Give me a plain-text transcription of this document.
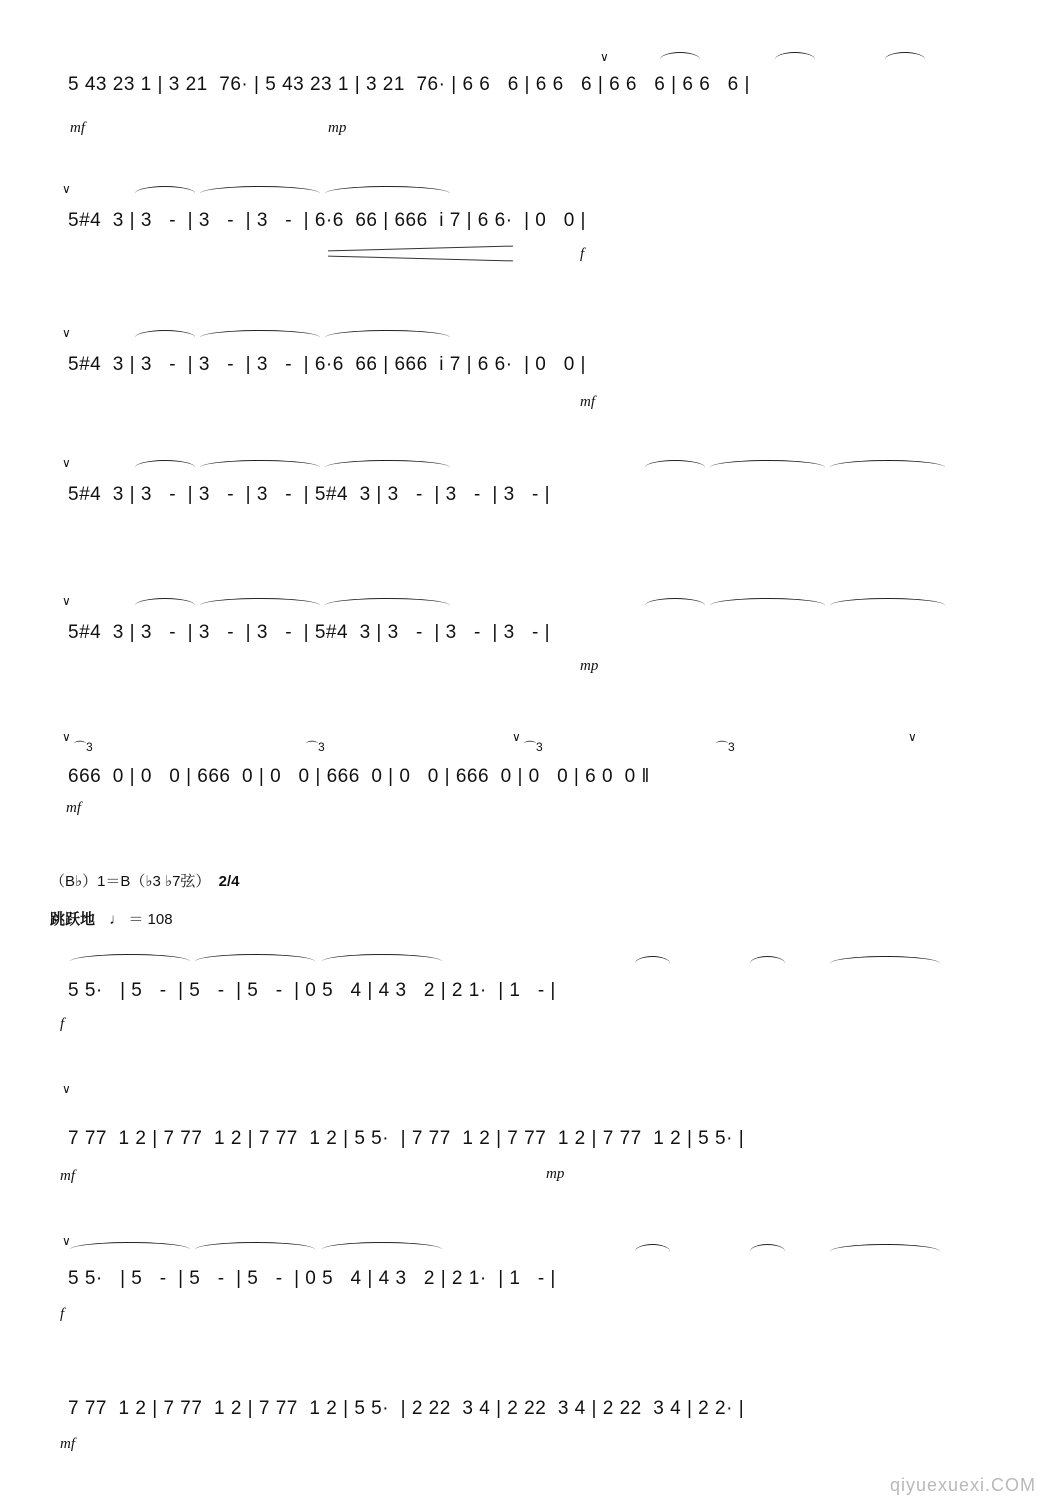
5 43 23 1 | 3 21  76· | 5 43 23 1 | 3 21  76· | 6 6   6 | 6 6   6 | 6 6   6 | 6 6   6 |
∨
mf	mp
5#4  3 | 3   -  | 3   -  | 3   -  | 6·6  66 | 666  i 7 | 6 6·  | 0   0 |
∨
f
5#4  3 | 3   -  | 3   -  | 3   -  | 6·6  66 | 666  i 7 | 6 6·  | 0   0 |
∨
mf
5#4  3 | 3   -  | 3   -  | 3   -  | 5#4  3 | 3   -  | 3   -  | 3   - |
∨
5#4  3 | 3   -  | 3   -  | 3   -  | 5#4  3 | 3   -  | 3   -  | 3   - |
∨
mp
666  0 | 0   0 | 666  0 | 0   0 | 666  0 | 0   0 | 666  0 | 0   0 | 6 0  0 ‖
∨
⌒3	⌒3
∨
⌒3	⌒3
∨
mf
（B♭）1＝B（♭3 ♭7弦） 2/4
跳跃地 ♩ ＝ 108
5 5·   | 5   -  | 5   -  | 5   -  | 0 5   4 | 4 3   2 | 2 1·  | 1   - |
f
7 77  1 2 | 7 77  1 2 | 7 77  1 2 | 5 5·  | 7 77  1 2 | 7 77  1 2 | 7 77  1 2 | 5 5· |
∨
mf	mp
5 5·   | 5   -  | 5   -  | 5   -  | 0 5   4 | 4 3   2 | 2 1·  | 1   - |
∨
f
7 77  1 2 | 7 77  1 2 | 7 77  1 2 | 5 5·  | 2 22  3 4 | 2 22  3 4 | 2 22  3 4 | 2 2· |
mf
qiyuexuexi.COM
